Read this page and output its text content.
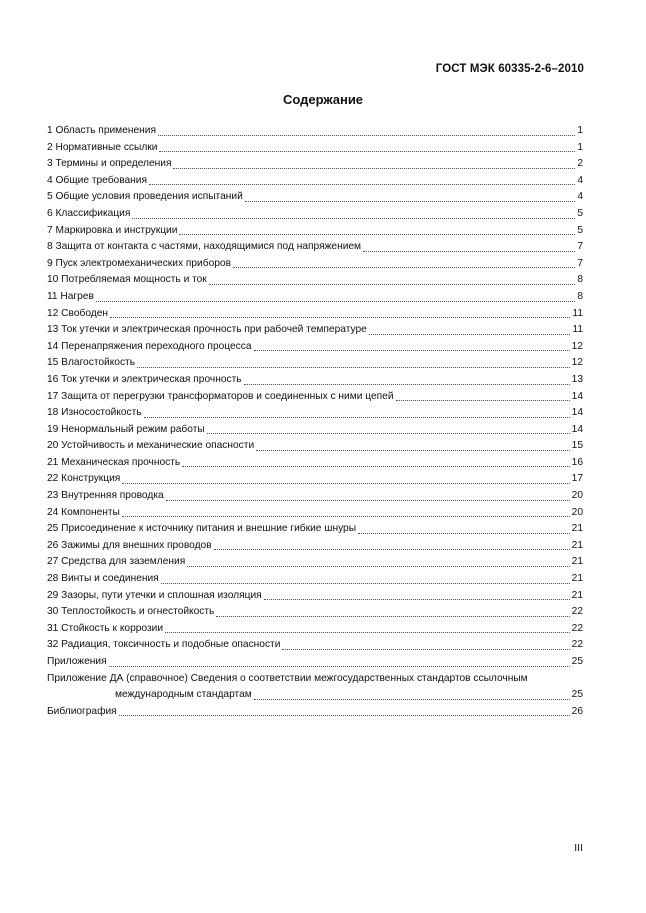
ГОСТ МЭК 60335-2-6–2010
Содержание
1 Область применения	1
2 Нормативные ссылки	1
3 Термины и определения	2
4 Общие требования	4
5 Общие условия проведения испытаний	4
6 Классификация	5
7 Маркировка и инструкции	5
8 Защита от контакта с частями, находящимися под напряжением	7
9 Пуск электромеханических приборов	7
10 Потребляемая мощность и ток	8
11 Нагрев	8
12 Свободен	11
13 Ток утечки и электрическая прочность при рабочей температуре	11
14 Перенапряжения переходного процесса	12
15 Влагостойкость	12
16 Ток утечки и электрическая прочность	13
17 Защита от перегрузки трансформаторов и соединенных с ними цепей	14
18 Износостойкость	14
19 Ненормальный режим работы	14
20 Устойчивость и механические опасности	15
21 Механическая прочность	16
22 Конструкция	17
23 Внутренняя проводка	20
24 Компоненты	20
25 Присоединение к источнику питания и внешние гибкие шнуры	21
26 Зажимы для внешних проводов	21
27 Средства для заземления	21
28 Винты и соединения	21
29 Зазоры, пути утечки и сплошная изоляция	21
30 Теплостойкость и огнестойкость	22
31 Стойкость к коррозии	22
32 Радиация, токсичность и подобные опасности	22
Приложения	25
Приложение ДА (справочное) Сведения о соответствии межгосударственных стандартов ссылочным
международным стандартам	25
Библиография	26
III
